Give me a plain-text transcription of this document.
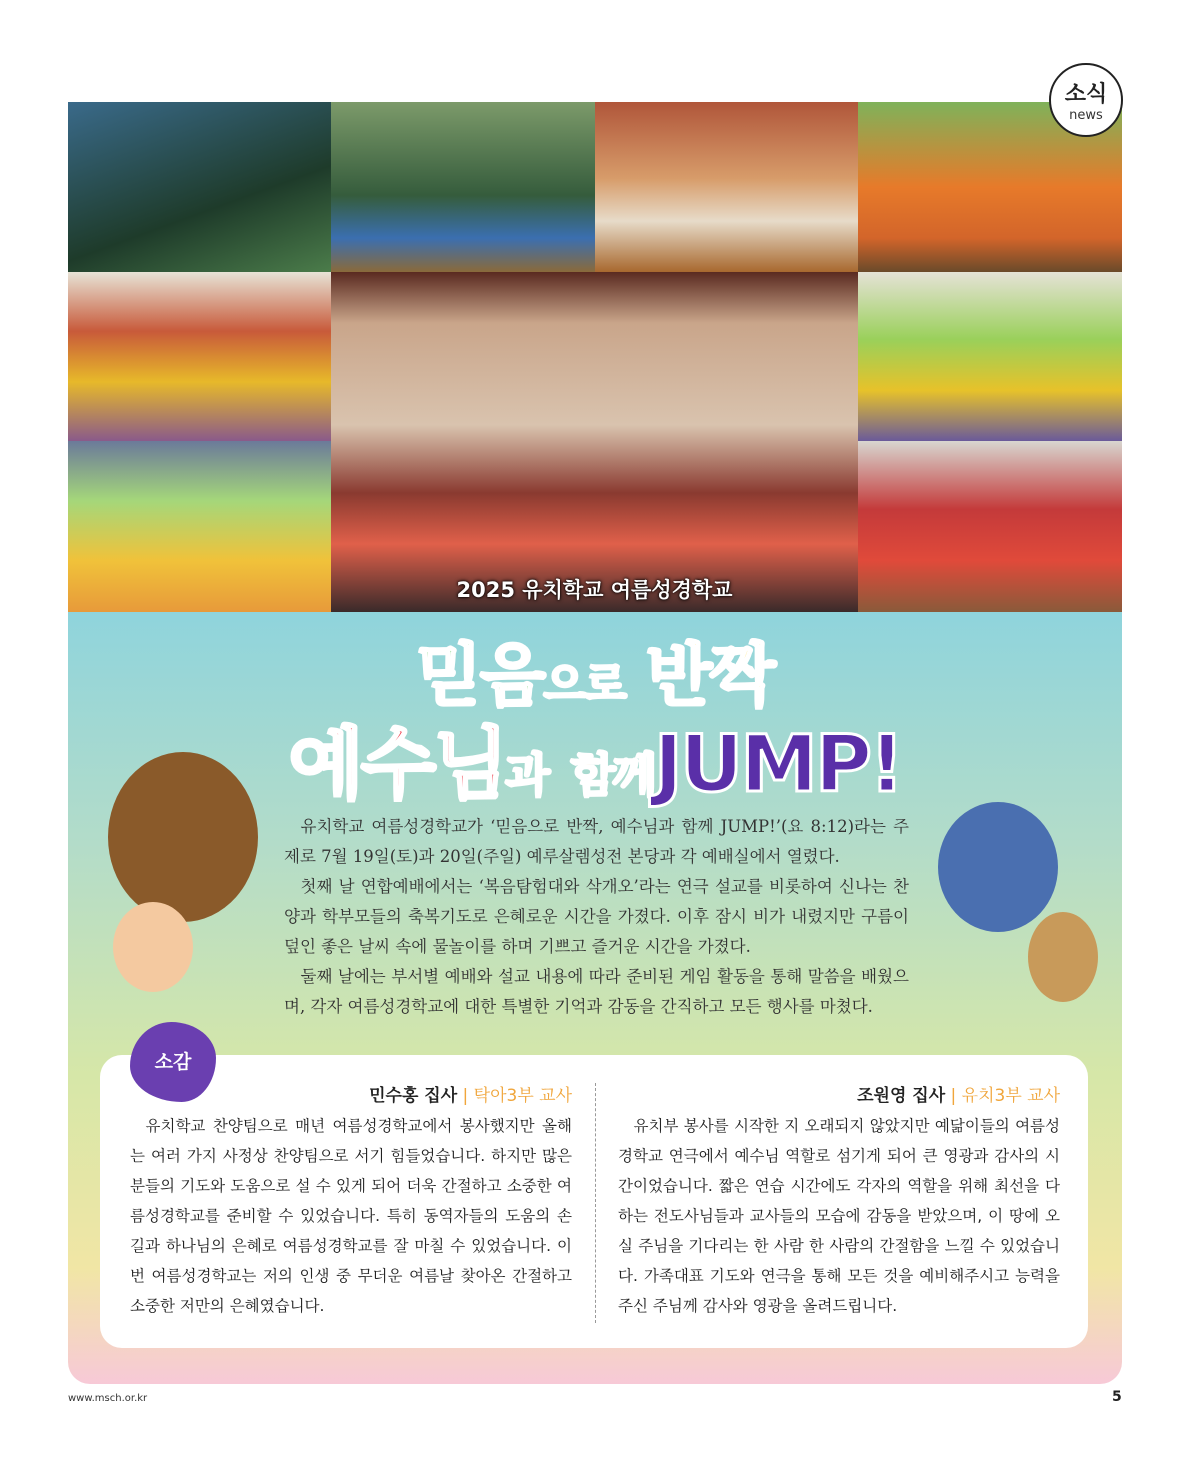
소식
news
2025 유치학교 여름성경학교
믿음으로 반짝
예수님과 함께JUMP!

유치학교 여름성경학교가 ‘믿음으로 반짝, 예수님과 함께 JUMP!’(요 8:12)라는 주제로 7월 19일(토)과 20일(주일) 예루살렘성전 본당과 각 예배실에서 열렸다.

첫째 날 연합예배에서는 ‘복음탐험대와 삭개오’라는 연극 설교를 비롯하여 신나는 찬양과 학부모들의 축복기도로 은혜로운 시간을 가졌다. 이후 잠시 비가 내렸지만 구름이 덮인 좋은 날씨 속에 물놀이를 하며 기쁘고 즐거운 시간을 가졌다.

둘째 날에는 부서별 예배와 설교 내용에 따라 준비된 게임 활동을 통해 말씀을 배웠으며, 각자 여름성경학교에 대한 특별한 기억과 감동을 간직하고 모든 행사를 마쳤다.

민수홍 집사 | 탁아3부 교사

유치학교 찬양팀으로 매년 여름성경학교에서 봉사했지만 올해는 여러 가지 사정상 찬양팀으로 서기 힘들었습니다. 하지만 많은 분들의 기도와 도움으로 설 수 있게 되어 더욱 간절하고 소중한 여름성경학교를 준비할 수 있었습니다. 특히 동역자들의 도움의 손길과 하나님의 은혜로 여름성경학교를 잘 마칠 수 있었습니다. 이번 여름성경학교는 저의 인생 중 무더운 여름날 찾아온 간절하고 소중한 저만의 은혜였습니다.

조원영 집사 | 유치3부 교사

유치부 봉사를 시작한 지 오래되지 않았지만 예닮이들의 여름성경학교 연극에서 예수님 역할로 섬기게 되어 큰 영광과 감사의 시간이었습니다. 짧은 연습 시간에도 각자의 역할을 위해 최선을 다하는 전도사님들과 교사들의 모습에 감동을 받았으며, 이 땅에 오실 주님을 기다리는 한 사람 한 사람의 간절함을 느낄 수 있었습니다. 가족대표 기도와 연극을 통해 모든 것을 예비해주시고 능력을 주신 주님께 감사와 영광을 올려드립니다.

소감
www.msch.or.kr	5
